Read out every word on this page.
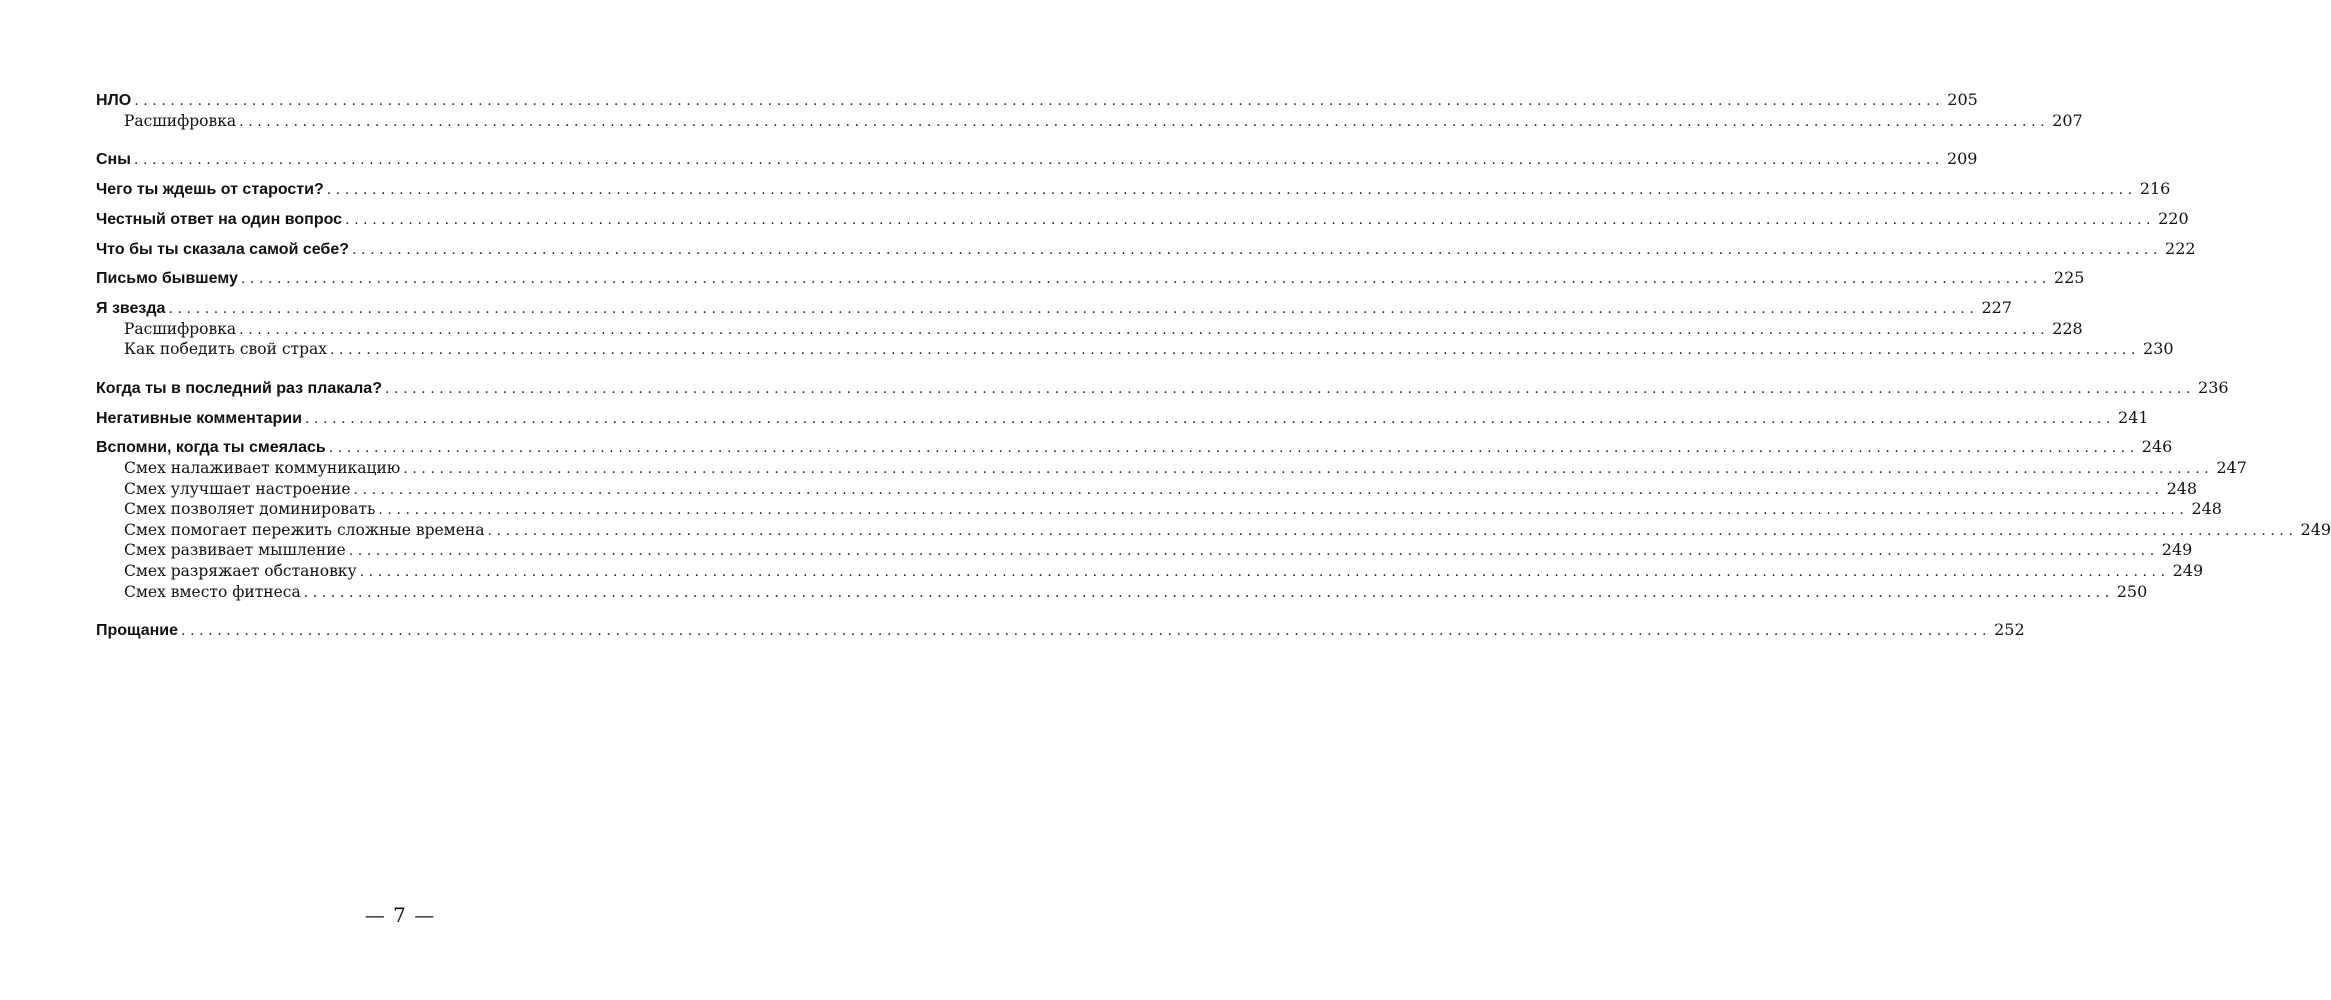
НЛО ........................................................................................................................................................................................................ 205
Расшифровка ........................................................................................................................................................................................................ 207
Сны ........................................................................................................................................................................................................ 209
Чего ты ждешь от старости? ........................................................................................................................................................................................................ 216
Честный ответ на один вопрос ........................................................................................................................................................................................................ 220
Что бы ты сказала самой себе? ........................................................................................................................................................................................................ 222
Письмо бывшему ........................................................................................................................................................................................................ 225
Я звезда ........................................................................................................................................................................................................ 227
Расшифровка ........................................................................................................................................................................................................ 228
Как победить свой страх ........................................................................................................................................................................................................ 230
Когда ты в последний раз плакала? ........................................................................................................................................................................................................ 236
Негативные комментарии ........................................................................................................................................................................................................ 241
Вспомни, когда ты смеялась ........................................................................................................................................................................................................ 246
Смех налаживает коммуникацию ........................................................................................................................................................................................................ 247
Смех улучшает настроение ........................................................................................................................................................................................................ 248
Смех позволяет доминировать ........................................................................................................................................................................................................ 248
Смех помогает пережить сложные времена ........................................................................................................................................................................................................ 249
Смех развивает мышление ........................................................................................................................................................................................................ 249
Смех разряжает обстановку ........................................................................................................................................................................................................ 249
Смех вместо фитнеса ........................................................................................................................................................................................................ 250
Прощание ........................................................................................................................................................................................................ 252
— 7 —
